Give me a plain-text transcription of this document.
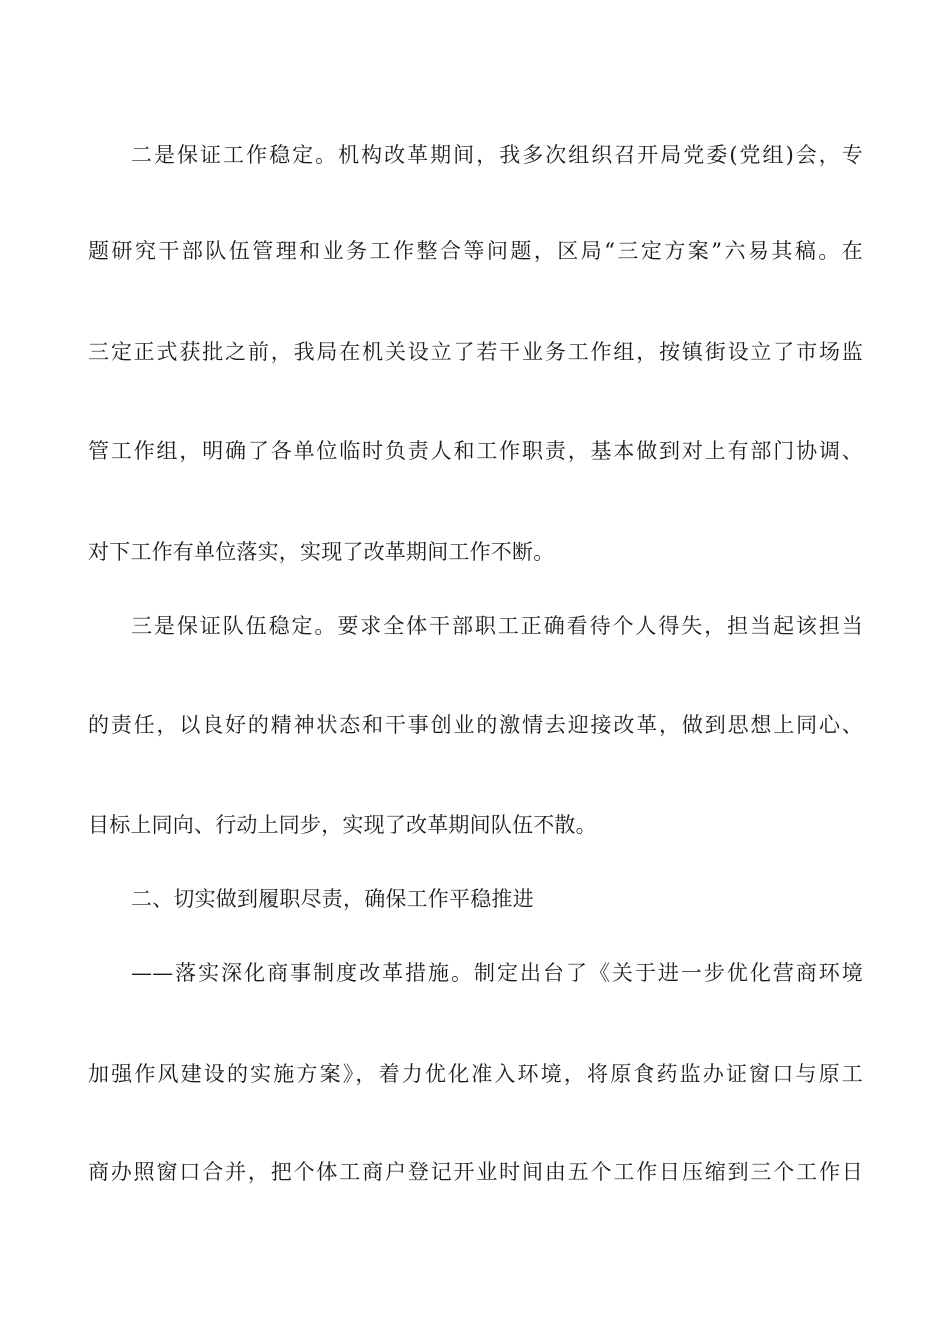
二是保证工作稳定。机构改革期间，我多次组织召开局党委(党组)会，专
题研究干部队伍管理和业务工作整合等问题，区局“三定方案”六易其稿。在
三定正式获批之前，我局在机关设立了若干业务工作组，按镇街设立了市场监
管工作组，明确了各单位临时负责人和工作职责，基本做到对上有部门协调、
对下工作有单位落实，实现了改革期间工作不断。
三是保证队伍稳定。要求全体干部职工正确看待个人得失，担当起该担当
的责任，以良好的精神状态和干事创业的激情去迎接改革，做到思想上同心、
目标上同向、行动上同步，实现了改革期间队伍不散。
二、切实做到履职尽责，确保工作平稳推进
——落实深化商事制度改革措施。制定出台了《关于进一步优化营商环境
加强作风建设的实施方案》，着力优化准入环境，将原食药监办证窗口与原工
商办照窗口合并，把个体工商户登记开业时间由五个工作日压缩到三个工作日
